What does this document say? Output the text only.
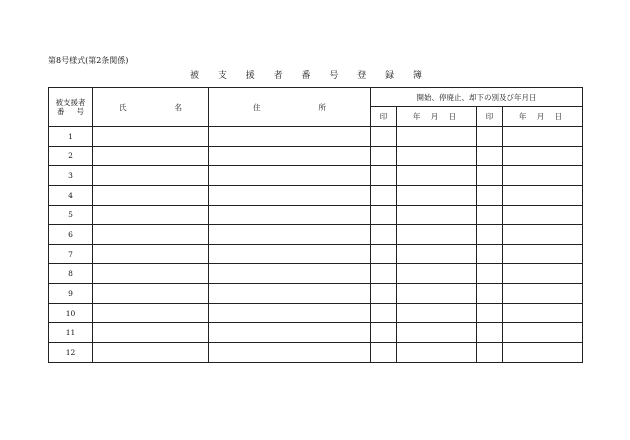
第8号様式(第2条関係)
被 支 援 者 番 号 登 録 簿
被支援者
番 号	氏 名	住 所	開始、停廃止、却下の別及び年月日			
			印	年 月 日	印	年 月 日
1						
2						
3						
4						
5						
6						
7						
8						
9						
10						
11						
12						
